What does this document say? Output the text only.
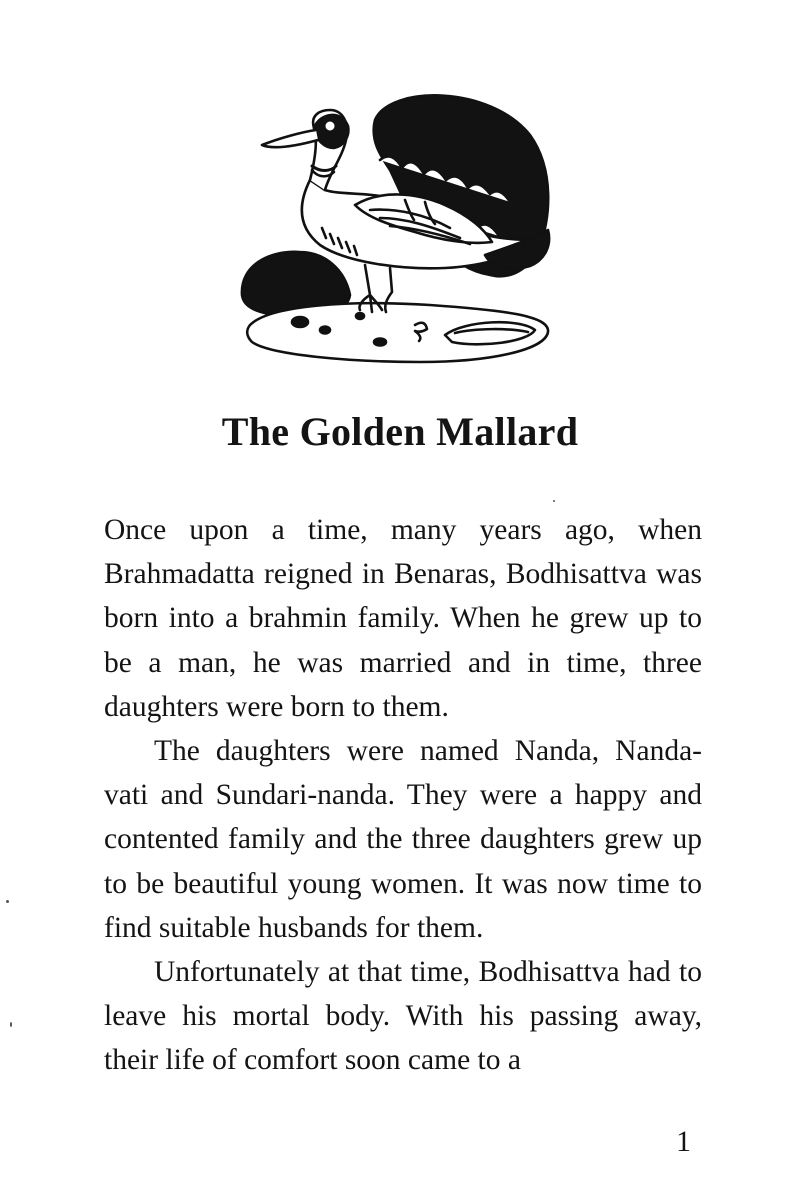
The Golden Mallard

Once upon a time, many years ago, when Brahmadatta reigned in Benaras, Bodhisattva was born into a brahmin family. When he grew up to be a man, he was married and in time, three daughters were born to them.

The daughters were named Nanda, Nanda-vati and Sundari-nanda. They were a happy and contented family and the three daughters grew up to be beautiful young women. It was now time to find suitable husbands for them.

Unfortunately at that time, Bodhisattva had to leave his mortal body. With his passing away, their life of comfort soon came to a

1
